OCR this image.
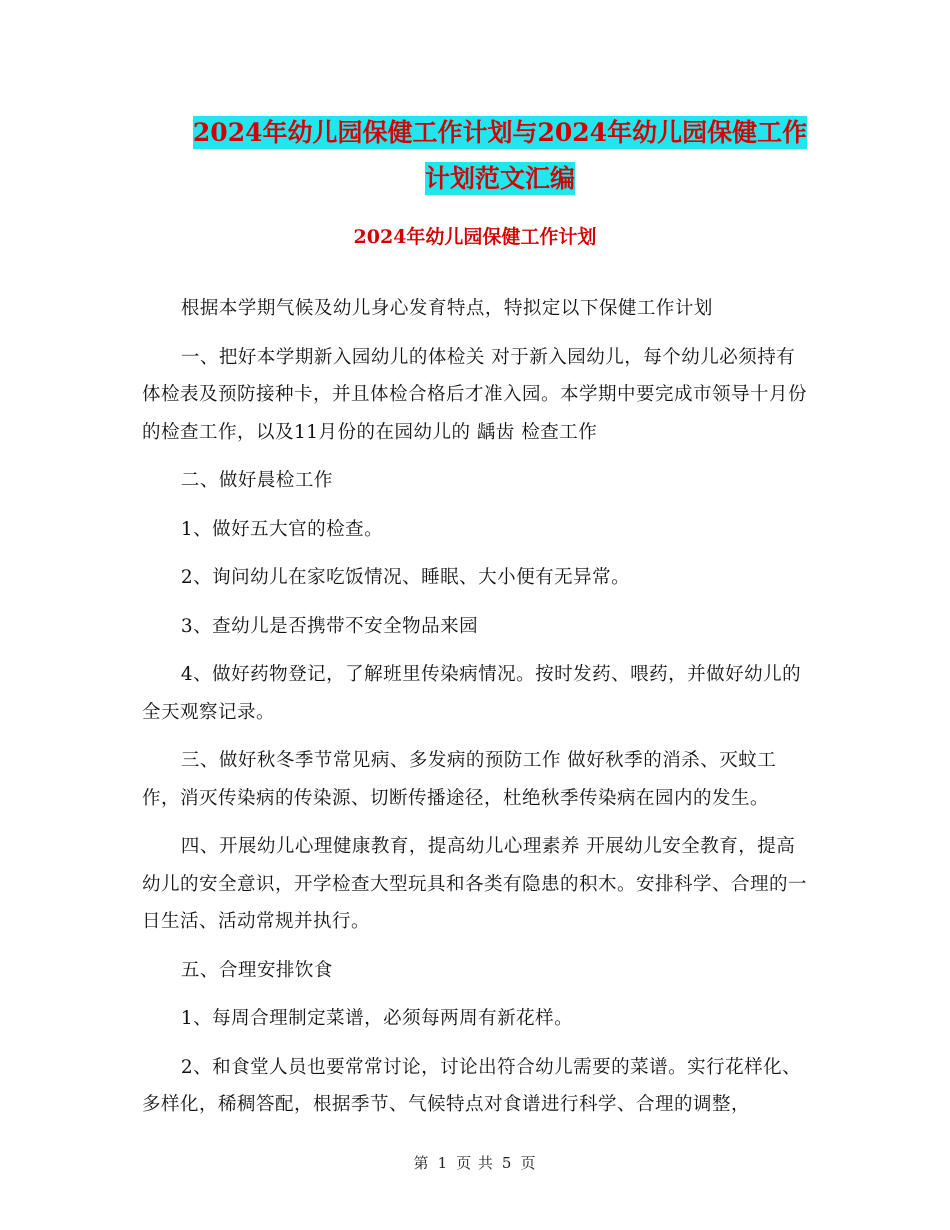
2024年幼儿园保健工作计划与2024年幼儿园保健工作
计划范文汇编
2024年幼儿园保健工作计划

根据本学期气候及幼儿身心发育特点，特拟定以下保健工作计划

一、把好本学期新入园幼儿的体检关 对于新入园幼儿，每个幼儿必须持有体检表及预防接种卡，并且体检合格后才准入园。本学期中要完成市领导十月份的检查工作，以及11月份的在园幼儿的 龋齿 检查工作

二、做好晨检工作

1、做好五大官的检查。

2、询问幼儿在家吃饭情况、睡眠、大小便有无异常。

3、查幼儿是否携带不安全物品来园

4、做好药物登记，了解班里传染病情况。按时发药、喂药，并做好幼儿的全天观察记录。

三、做好秋冬季节常见病、多发病的预防工作 做好秋季的消杀、灭蚊工作，消灭传染病的传染源、切断传播途径，杜绝秋季传染病在园内的发生。

四、开展幼儿心理健康教育，提高幼儿心理素养 开展幼儿安全教育，提高幼儿的安全意识，开学检查大型玩具和各类有隐患的积木。安排科学、合理的一日生活、活动常规并执行。

五、合理安排饮食

1、每周合理制定菜谱，必须每两周有新花样。

2、和食堂人员也要常常讨论，讨论出符合幼儿需要的菜谱。实行花样化、多样化，稀稠答配，根据季节、气候特点对食谱进行科学、合理的调整，

第 1 页 共 5 页
